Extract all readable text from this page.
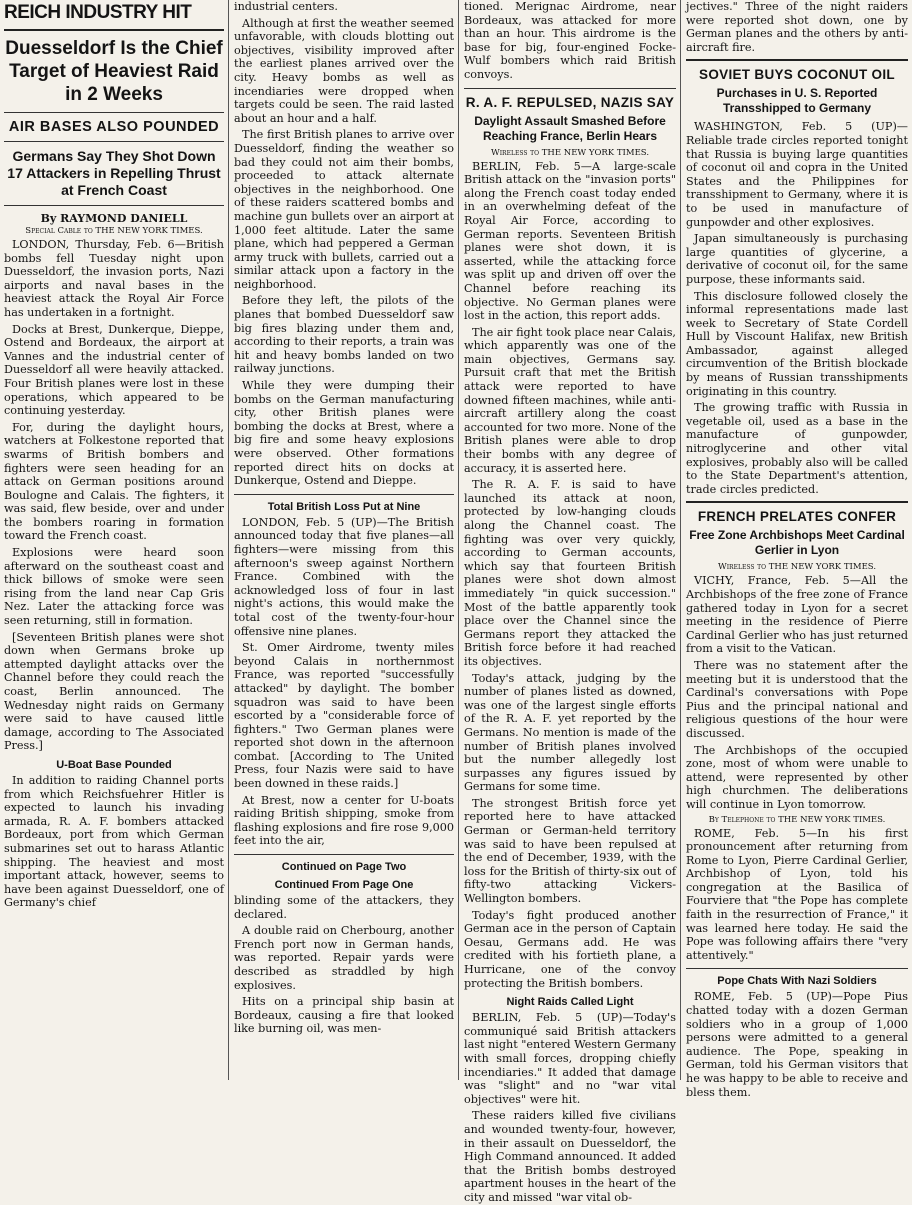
REICH INDUSTRY HIT
Duesseldorf Is the Chief Target of Heaviest Raid in 2 Weeks
AIR BASES ALSO POUNDED
Germans Say They Shot Down 17 Attackers in Repelling Thrust at French Coast
By RAYMOND DANIELL
Special Cable to THE NEW YORK TIMES.

LONDON, Thursday, Feb. 6—British bombs fell Tuesday night upon Duesseldorf, the invasion ports, Nazi airports and naval bases in the heaviest attack the Royal Air Force has undertaken in a fortnight.

Docks at Brest, Dunkerque, Dieppe, Ostend and Bordeaux, the airport at Vannes and the industrial center of Duesseldorf all were heavily attacked. Four British planes were lost in these operations, which appeared to be continuing yesterday.

For, during the daylight hours, watchers at Folkestone reported that swarms of British bombers and fighters were seen heading for an attack on German positions around Boulogne and Calais. The fighters, it was said, flew beside, over and under the bombers roaring in formation toward the French coast.

Explosions were heard soon afterward on the southeast coast and thick billows of smoke were seen rising from the land near Cap Gris Nez. Later the attacking force was seen returning, still in formation.

[Seventeen British planes were shot down when Germans broke up attempted daylight attacks over the Channel before they could reach the coast, Berlin announced. The Wednesday night raids on Germany were said to have caused little damage, according to The Associated Press.]

U-Boat Base Pounded

In addition to raiding Channel ports from which Reichsfuehrer Hitler is expected to launch his invading armada, R. A. F. bombers attacked Bordeaux, port from which German submarines set out to harass Atlantic shipping. The heaviest and most important attack, however, seems to have been against Duesseldorf, one of Germany's chief

industrial centers.

Although at first the weather seemed unfavorable, with clouds blotting out objectives, visibility improved after the earliest planes arrived over the city. Heavy bombs as well as incendiaries were dropped when targets could be seen. The raid lasted about an hour and a half.

The first British planes to arrive over Duesseldorf, finding the weather so bad they could not aim their bombs, proceeded to attack alternate objectives in the neighborhood. One of these raiders scattered bombs and machine gun bullets over an airport at 1,000 feet altitude. Later the same plane, which had peppered a German army truck with bullets, carried out a similar attack upon a factory in the neighborhood.

Before they left, the pilots of the planes that bombed Duesseldorf saw big fires blazing under them and, according to their reports, a train was hit and heavy bombs landed on two railway junctions.

While they were dumping their bombs on the German manufacturing city, other British planes were bombing the docks at Brest, where a big fire and some heavy explosions were observed. Other formations reported direct hits on docks at Dunkerque, Ostend and Dieppe.

Total British Loss Put at Nine

LONDON, Feb. 5 (UP)—The British announced today that five planes—all fighters—were missing from this afternoon's sweep against Northern France. Combined with the acknowledged loss of four in last night's actions, this would make the total cost of the twenty-four-hour offensive nine planes.

St. Omer Airdrome, twenty miles beyond Calais in northernmost France, was reported "successfully attacked" by daylight. The bomber squadron was said to have been escorted by a "considerable force of fighters." Two German planes were reported shot down in the afternoon combat. [According to The United Press, four Nazis were said to have been downed in these raids.]

At Brest, now a center for U-boats raiding British shipping, smoke from flashing explosions and fire rose 9,000 feet into the air,

Continued on Page Two
Continued From Page One

blinding some of the attackers, they declared.

A double raid on Cherbourg, another French port now in German hands, was reported. Repair yards were described as straddled by high explosives.

Hits on a principal ship basin at Bordeaux, causing a fire that looked like burning oil, was men-

tioned. Merignac Airdrome, near Bordeaux, was attacked for more than an hour. This airdrome is the base for big, four-engined Focke-Wulf bombers which raid British convoys.

R. A. F. REPULSED, NAZIS SAY
Daylight Assault Smashed Before Reaching France, Berlin Hears
Wireless to THE NEW YORK TIMES.

BERLIN, Feb. 5—A large-scale British attack on the "invasion ports" along the French coast today ended in an overwhelming defeat of the Royal Air Force, according to German reports. Seventeen British planes were shot down, it is asserted, while the attacking force was split up and driven off over the Channel before reaching its objective. No German planes were lost in the action, this report adds.

The air fight took place near Calais, which apparently was one of the main objectives, Germans say. Pursuit craft that met the British attack were reported to have downed fifteen machines, while anti-aircraft artillery along the coast accounted for two more. None of the British planes were able to drop their bombs with any degree of accuracy, it is asserted here.

The R. A. F. is said to have launched its attack at noon, protected by low-hanging clouds along the Channel coast. The fighting was over very quickly, according to German accounts, which say that fourteen British planes were shot down almost immediately "in quick succession." Most of the battle apparently took place over the Channel since the Germans report they attacked the British force before it had reached its objectives.

Today's attack, judging by the number of planes listed as downed, was one of the largest single efforts of the R. A. F. yet reported by the Germans. No mention is made of the number of British planes involved but the number allegedly lost surpasses any figures issued by Germans for some time.

The strongest British force yet reported here to have attacked German or German-held territory was said to have been repulsed at the end of December, 1939, with the loss for the British of thirty-six out of fifty-two attacking Vickers-Wellington bombers.

Today's fight produced another German ace in the person of Captain Oesau, Germans add. He was credited with his fortieth plane, a Hurricane, one of the convoy protecting the British bombers.

Night Raids Called Light

BERLIN, Feb. 5 (UP)—Today's communiqué said British attackers last night "entered Western Germany with small forces, dropping chiefly incendiaries." It added that damage was "slight" and no "war vital objectives" were hit.

These raiders killed five civilians and wounded twenty-four, however, in their assault on Duesseldorf, the High Command announced. It added that the British bombs destroyed apartment houses in the heart of the city and missed "war vital ob-

jectives." Three of the night raiders were reported shot down, one by German planes and the others by anti-aircraft fire.

SOVIET BUYS COCONUT OIL
Purchases in U. S. Reported Transshipped to Germany

WASHINGTON, Feb. 5 (UP)—Reliable trade circles reported tonight that Russia is buying large quantities of coconut oil and copra in the United States and the Philippines for transshipment to Germany, where it is to be used in manufacture of gunpowder and other explosives.

Japan simultaneously is purchasing large quantities of glycerine, a derivative of coconut oil, for the same purpose, these informants said.

This disclosure followed closely the informal representations made last week to Secretary of State Cordell Hull by Viscount Halifax, new British Ambassador, against alleged circumvention of the British blockade by means of Russian transshipments originating in this country.

The growing traffic with Russia in vegetable oil, used as a base in the manufacture of gunpowder, nitroglycerine and other vital explosives, probably also will be called to the State Department's attention, trade circles predicted.

FRENCH PRELATES CONFER
Free Zone Archbishops Meet Cardinal Gerlier in Lyon
Wireless to THE NEW YORK TIMES.

VICHY, France, Feb. 5—All the Archbishops of the free zone of France gathered today in Lyon for a secret meeting in the residence of Pierre Cardinal Gerlier who has just returned from a visit to the Vatican.

There was no statement after the meeting but it is understood that the Cardinal's conversations with Pope Pius and the principal national and religious questions of the hour were discussed.

The Archbishops of the occupied zone, most of whom were unable to attend, were represented by other high churchmen. The deliberations will continue in Lyon tomorrow.

By Telephone to THE NEW YORK TIMES.

ROME, Feb. 5—In his first pronouncement after returning from Rome to Lyon, Pierre Cardinal Gerlier, Archbishop of Lyon, told his congregation at the Basilica of Fourviere that "the Pope has complete faith in the resurrection of France," it was learned here today. He said the Pope was following affairs there "very attentively."

Pope Chats With Nazi Soldiers

ROME, Feb. 5 (UP)—Pope Pius chatted today with a dozen German soldiers who in a group of 1,000 persons were admitted to a general audience. The Pope, speaking in German, told his German visitors that he was happy to be able to receive and bless them.
